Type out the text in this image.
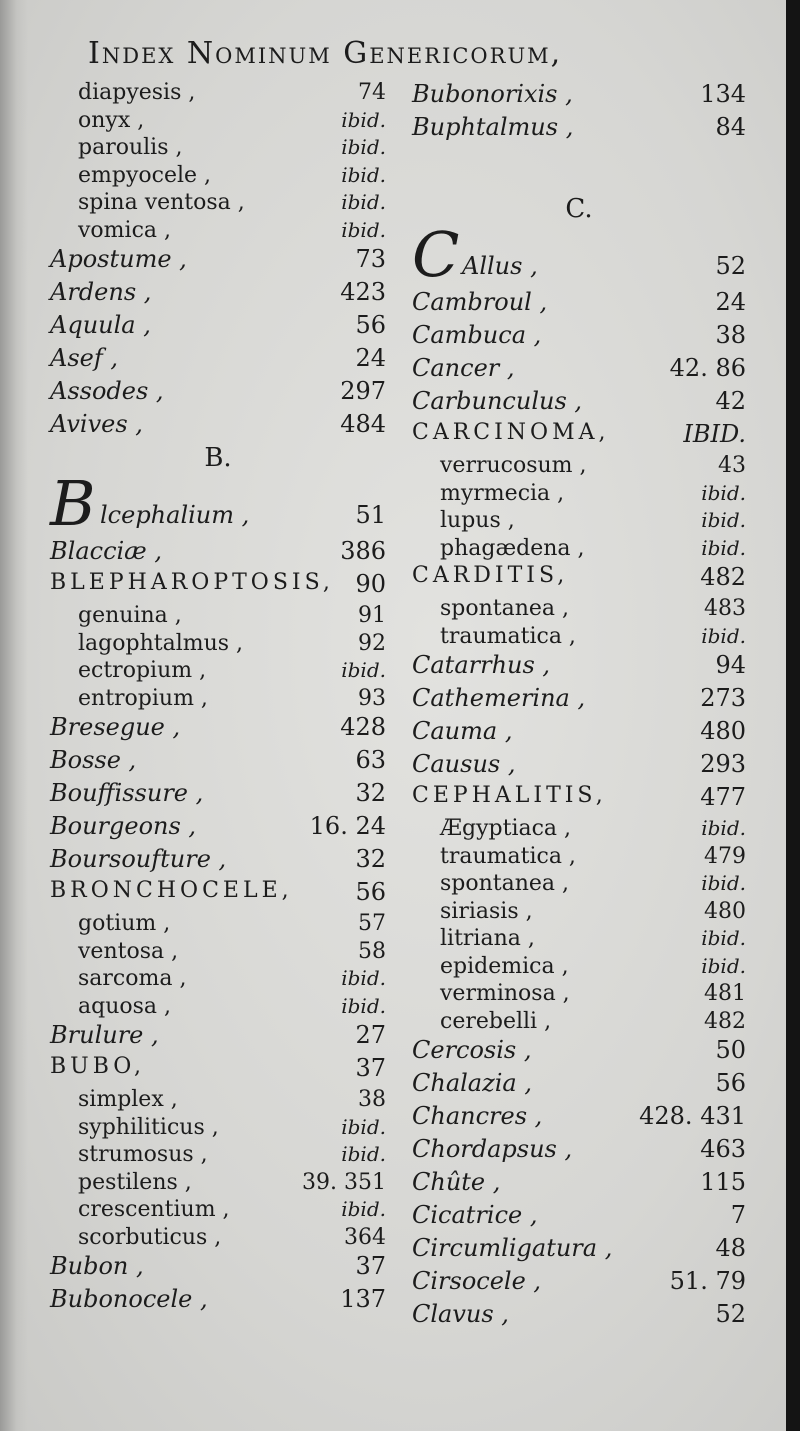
Index Nominum Genericorum,
diapyesis ,	74
onyx ,	ibid.
paroulis ,	ibid.
empyocele ,	ibid.
spina ventosa ,	ibid.
vomica ,	ibid.
Apostume ,	73
Ardens ,	423
Aquula ,	56
Asef ,	24
Assodes ,	297
Avives ,	484
B.
B lcephalium ,	51
Blacciæ ,	386
BLEPHAROPTOSIS, 90
genuina ,	91
lagophtalmus ,	92
ectropium ,	ibid.
entropium ,	93
Bresegue ,	428
Bosse ,	63
Bouffissure ,	32
Bourgeons ,	16. 24
Boursoufture ,	32
BRONCHOCELE,	56
gotium ,	57
ventosa ,	58
sarcoma ,	ibid.
aquosa ,	ibid.
Brulure ,	27
BUBO,	37
simplex ,	38
syphiliticus ,	ibid.
strumosus ,	ibid.
pestilens ,	39. 351
crescentium ,	ibid.
scorbuticus ,	364
Bubon ,	37
Bubonocele ,	137
Bubonorixis ,	134
Buphtalmus ,	84
C.
C Allus ,	52
Cambroul ,	24
Cambuca ,	38
Cancer ,	42. 86
Carbunculus ,	42
CARCINOMA,	IBID.
verrucosum ,	43
myrmecia ,	ibid.
lupus ,	ibid.
phagædena ,	ibid.
CARDITIS,	482
spontanea ,	483
traumatica ,	ibid.
Catarrhus ,	94
Cathemerina ,	273
Cauma ,	480
Causus ,	293
CEPHALITIS,	477
Ægyptiaca ,	ibid.
traumatica ,	479
spontanea ,	ibid.
siriasis ,	480
litriana ,	ibid.
epidemica ,	ibid.
verminosa ,	481
cerebelli ,	482
Cercosis ,	50
Chalazia ,	56
Chancres ,	428. 431
Chordapsus ,	463
Chûte ,	115
Cicatrice ,	7
Circumligatura ,	48
Cirsocele ,	51. 79
Clavus ,	52
